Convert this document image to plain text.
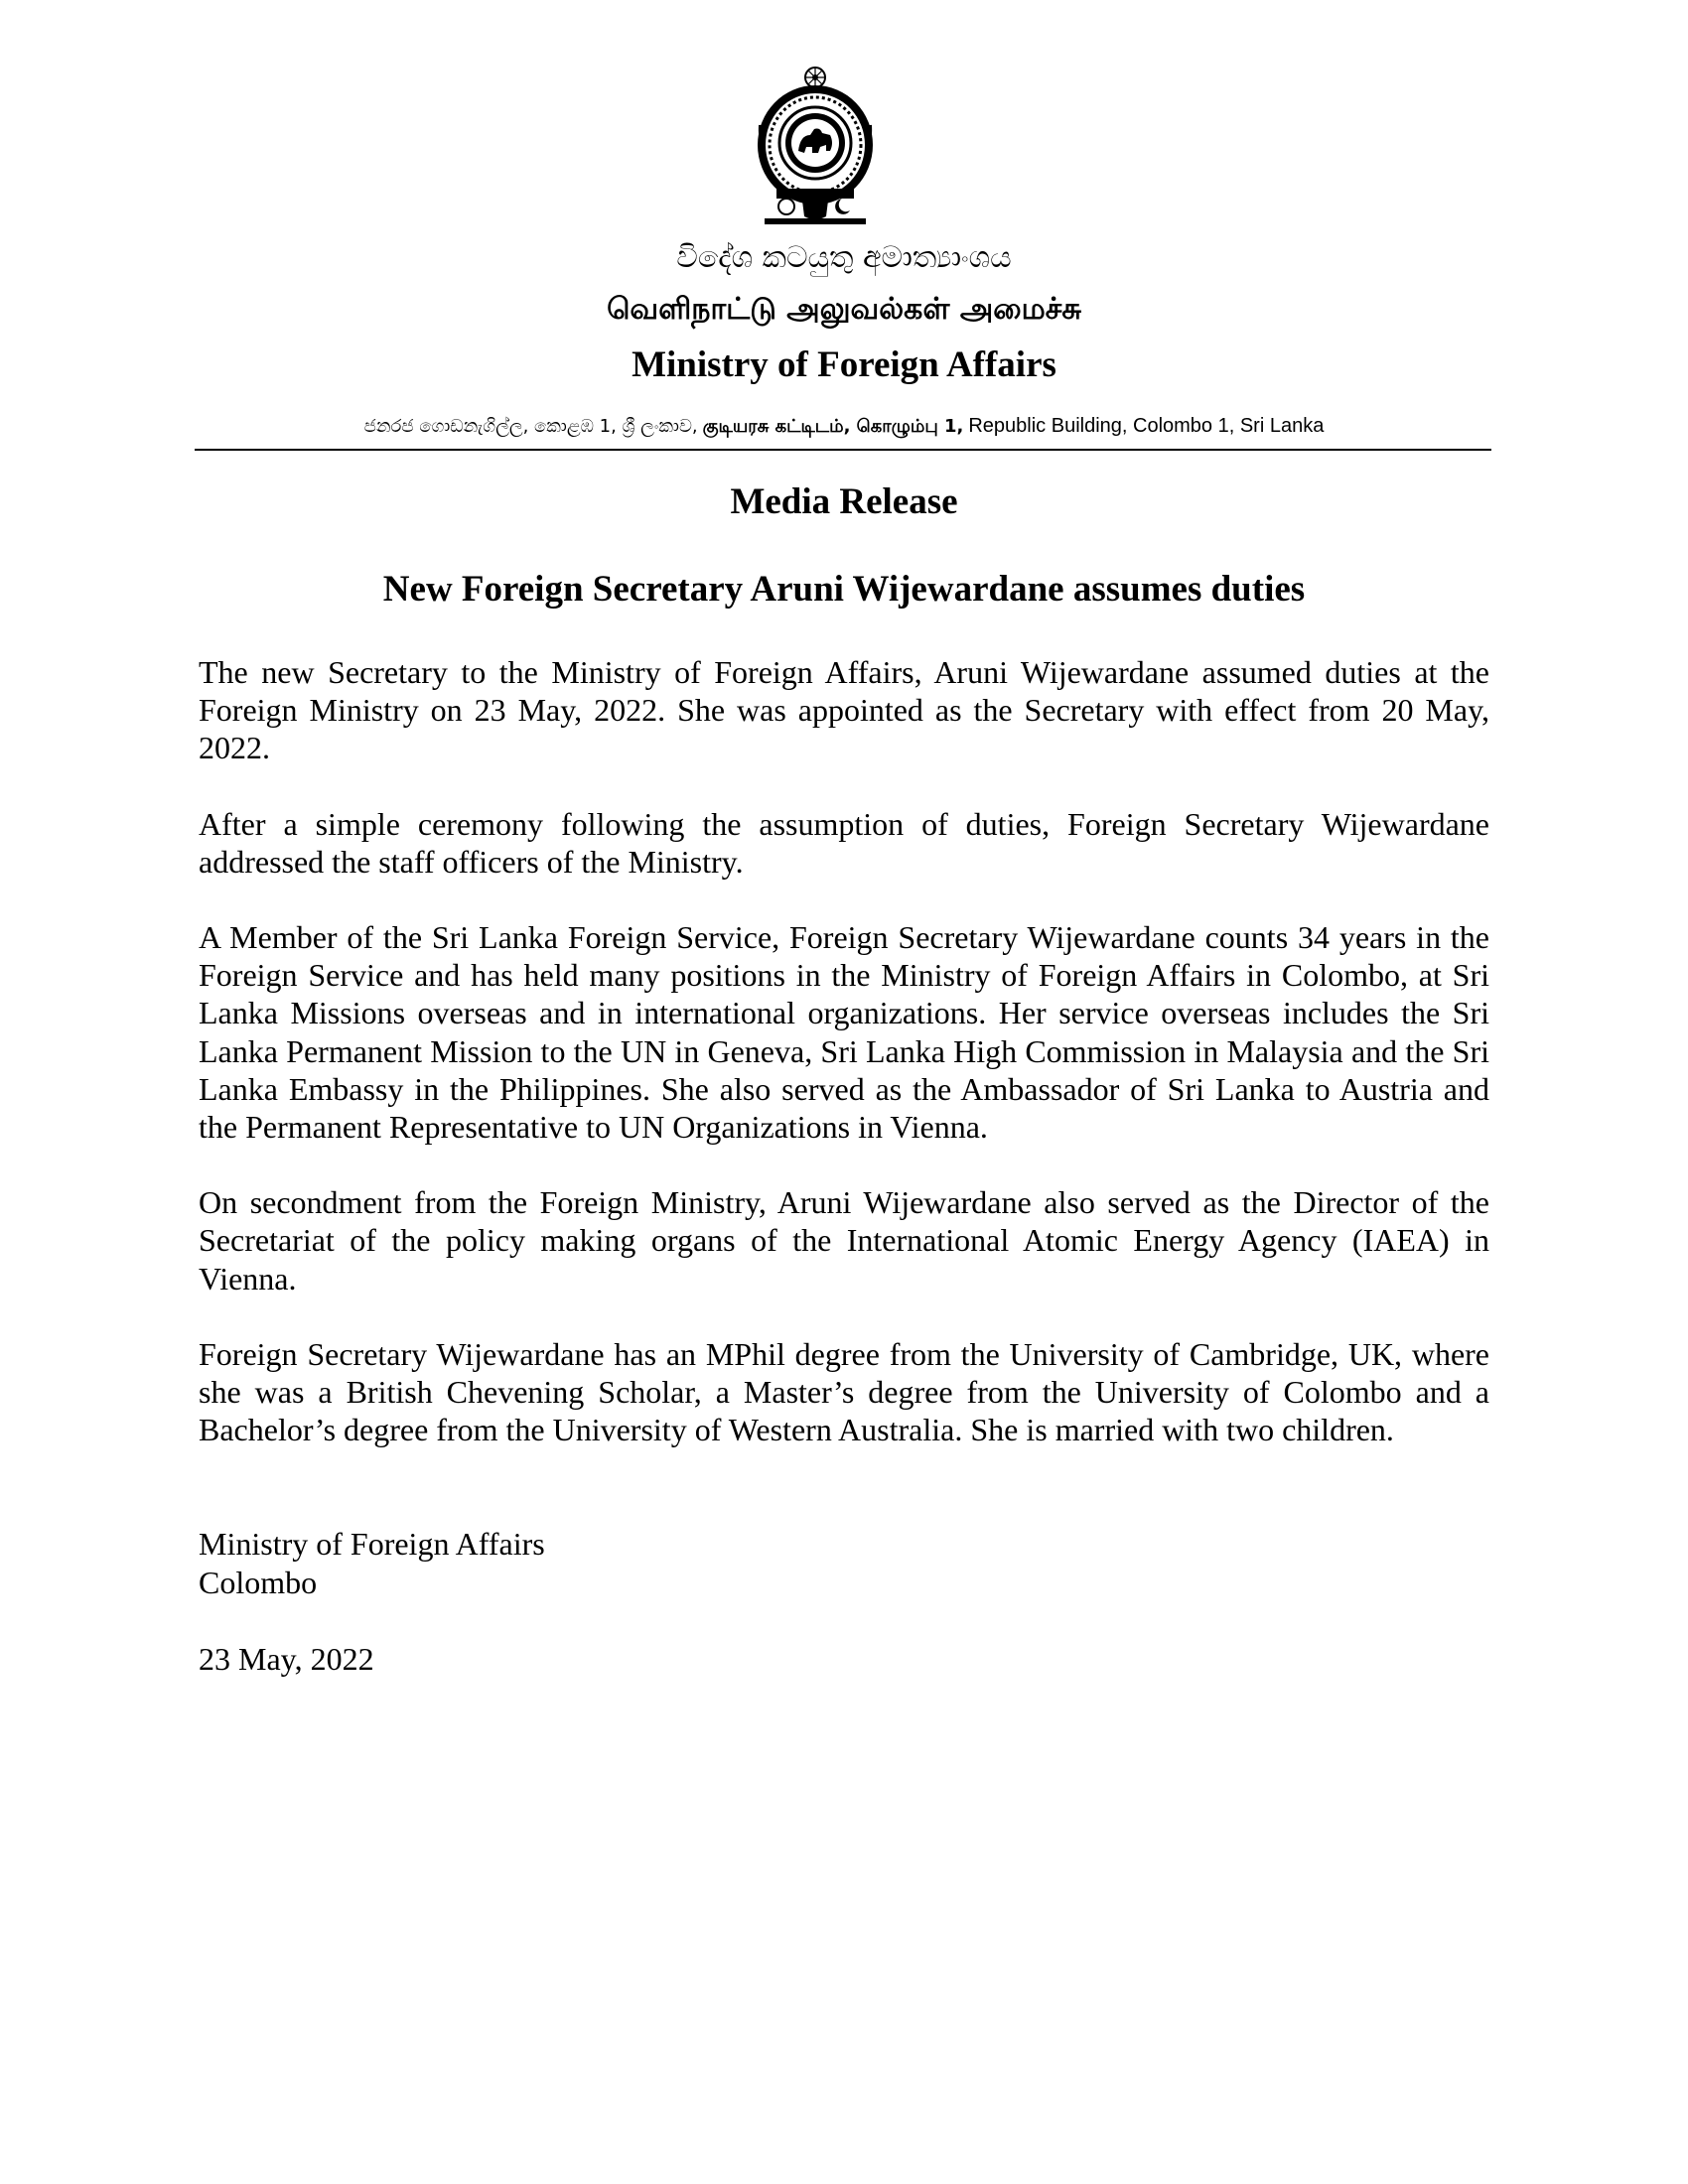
විදේශ කටයුතු අමාත්‍යාංශය
வெளிநாட்டு அலுவல்கள் அமைச்சு
Ministry of Foreign Affairs
ජනරජ ගොඩනැගිල්ල, කොළඹ 1, ශ්‍රී ලංකාව, குடியரசு கட்டிடம், கொழும்பு 1, Republic Building, Colombo 1, Sri Lanka
Media Release
New Foreign Secretary Aruni Wijewardane assumes duties

The new Secretary to the Ministry of Foreign Affairs, Aruni Wijewardane assumed duties at the Foreign Ministry on 23 May, 2022. She was appointed as the Secretary with effect from 20 May, 2022.

After a simple ceremony following the assumption of duties, Foreign Secretary Wijewardane addressed the staff officers of the Ministry.

A Member of the Sri Lanka Foreign Service, Foreign Secretary Wijewardane counts 34 years in the Foreign Service and has held many positions in the Ministry of Foreign Affairs in Colombo, at Sri Lanka Missions overseas and in international organizations. Her service overseas includes the Sri Lanka Permanent Mission to the UN in Geneva, Sri Lanka High Commission in Malaysia and the Sri Lanka Embassy in the Philippines. She also served as the Ambassador of Sri Lanka to Austria and the Permanent Representative to UN Organizations in Vienna.

On secondment from the Foreign Ministry, Aruni Wijewardane also served as the Director of the Secretariat of the policy making organs of the International Atomic Energy Agency (IAEA) in Vienna.

Foreign Secretary Wijewardane has an MPhil degree from the University of Cambridge, UK, where she was a British Chevening Scholar, a Master’s degree from the University of Colombo and a Bachelor’s degree from the University of Western Australia. She is married with two children.

Ministry of Foreign Affairs
Colombo
23 May, 2022
